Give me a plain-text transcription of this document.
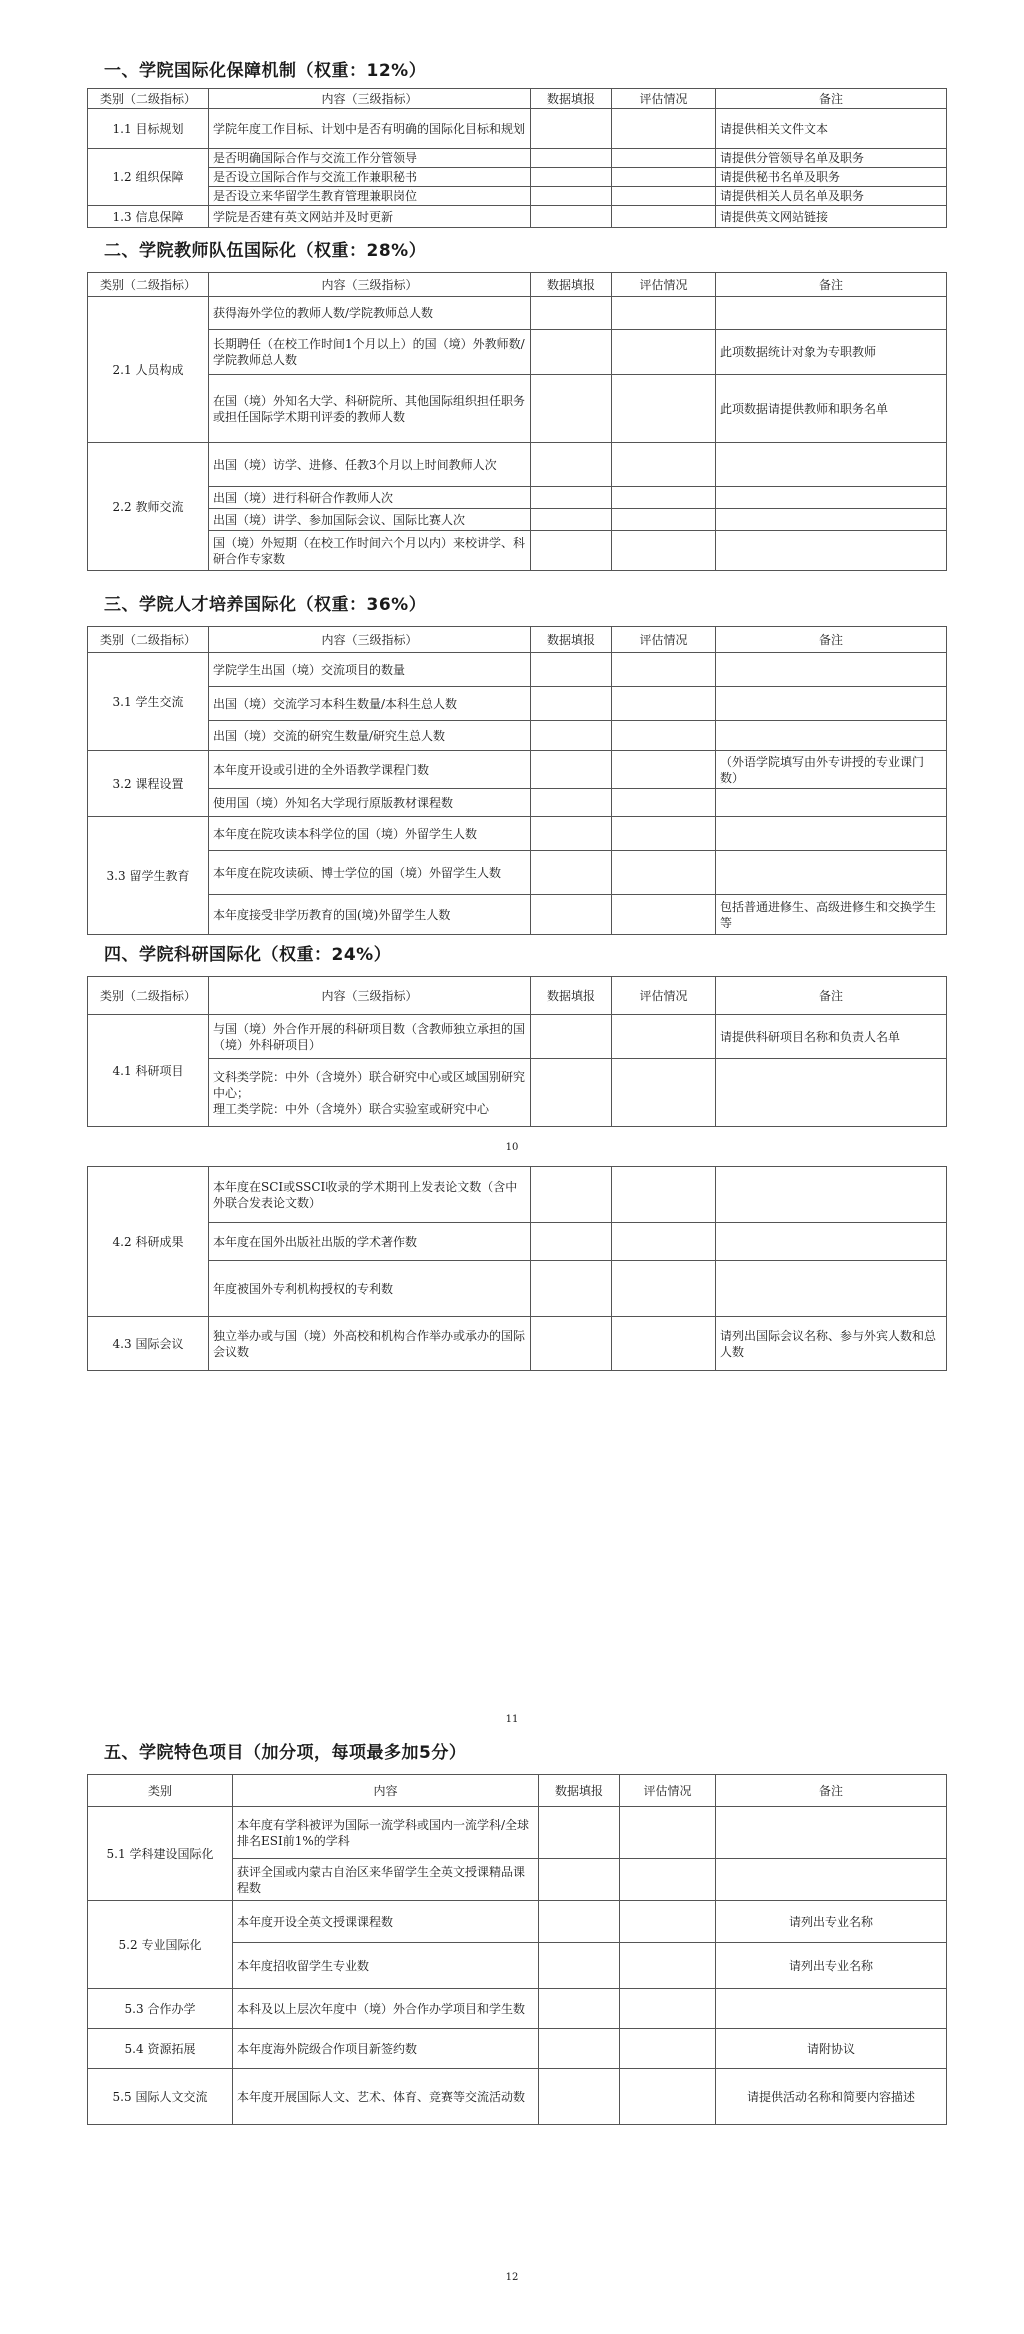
一、学院国际化保障机制（权重：12%）
类别（二级指标）	内容（三级指标）	数据填报	评估情况	备注
1.1 目标规划	学院年度工作目标、计划中是否有明确的国际化目标和规划			请提供相关文件文本
1.2 组织保障	是否明确国际合作与交流工作分管领导			请提供分管领导名单及职务
	是否设立国际合作与交流工作兼职秘书			请提供秘书名单及职务
	是否设立来华留学生教育管理兼职岗位			请提供相关人员名单及职务
1.3 信息保障	学院是否建有英文网站并及时更新			请提供英文网站链接
二、学院教师队伍国际化（权重：28%）
类别（二级指标）	内容（三级指标）	数据填报	评估情况	备注
2.1 人员构成	获得海外学位的教师人数/学院教师总人数			
	长期聘任（在校工作时间1个月以上）的国（境）外教师数/学院教师总人数			此项数据统计对象为专职教师
	在国（境）外知名大学、科研院所、其他国际组织担任职务或担任国际学术期刊评委的教师人数			此项数据请提供教师和职务名单
2.2 教师交流	出国（境）访学、进修、任教3个月以上时间教师人次			
	出国（境）进行科研合作教师人次			
	出国（境）讲学、参加国际会议、国际比赛人次			
	国（境）外短期（在校工作时间六个月以内）来校讲学、科研合作专家数			
三、学院人才培养国际化（权重：36%）
类别（二级指标）	内容（三级指标）	数据填报	评估情况	备注
3.1 学生交流	学院学生出国（境）交流项目的数量			
	出国（境）交流学习本科生数量/本科生总人数			
	出国（境）交流的研究生数量/研究生总人数			
3.2 课程设置	本年度开设或引进的全外语教学课程门数			（外语学院填写由外专讲授的专业课门数）
	使用国（境）外知名大学现行原版教材课程数			
3.3 留学生教育	本年度在院攻读本科学位的国（境）外留学生人数			
	本年度在院攻读硕、博士学位的国（境）外留学生人数			
	本年度接受非学历教育的国(境)外留学生人数			包括普通进修生、高级进修生和交换学生等
四、学院科研国际化（权重：24%）
类别（二级指标）	内容（三级指标）	数据填报	评估情况	备注
4.1 科研项目	与国（境）外合作开展的科研项目数（含教师独立承担的国（境）外科研项目）			请提供科研项目名称和负责人名单
	文科类学院：中外（含境外）联合研究中心或区域国别研究中心；
理工类学院：中外（含境外）联合实验室或研究中心			
10
4.2 科研成果	本年度在SCI或SSCI收录的学术期刊上发表论文数（含中外联合发表论文数）			
	本年度在国外出版社出版的学术著作数			
	年度被国外专利机构授权的专利数			
4.3 国际会议	独立举办或与国（境）外高校和机构合作举办或承办的国际会议数			请列出国际会议名称、参与外宾人数和总人数
11
五、学院特色项目（加分项，每项最多加5分）
类别	内容	数据填报	评估情况	备注
5.1 学科建设国际化	本年度有学科被评为国际一流学科或国内一流学科/全球排名ESI前1%的学科			
	获评全国或内蒙古自治区来华留学生全英文授课精品课程数			
5.2 专业国际化	本年度开设全英文授课课程数			请列出专业名称
	本年度招收留学生专业数			请列出专业名称
5.3 合作办学	本科及以上层次年度中（境）外合作办学项目和学生数			
5.4 资源拓展	本年度海外院级合作项目新签约数			请附协议
5.5 国际人文交流	本年度开展国际人文、艺术、体育、竞赛等交流活动数			请提供活动名称和简要内容描述
12
